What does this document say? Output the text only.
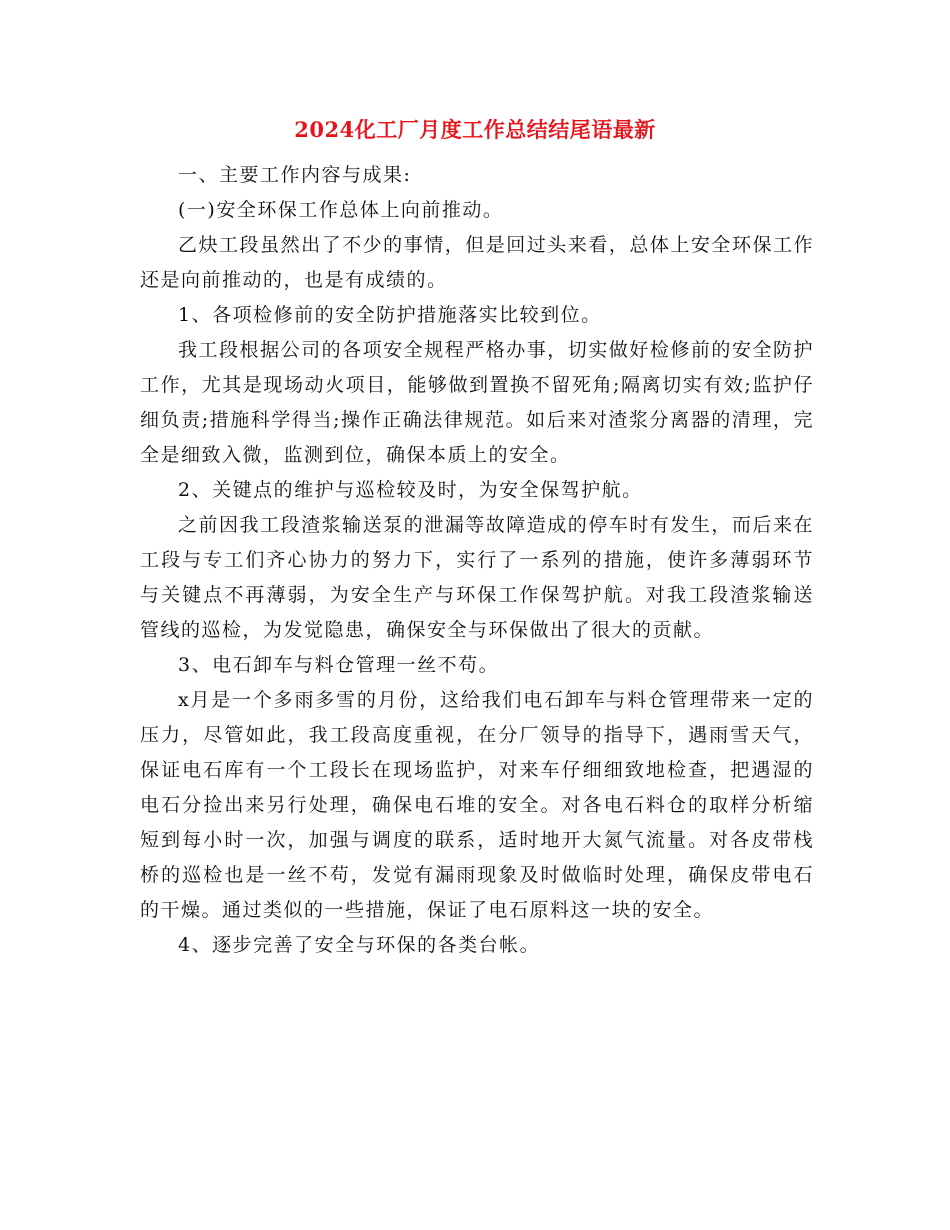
2024化工厂月度工作总结结尾语最新

一、主要工作内容与成果:

(一)安全环保工作总体上向前推动。

乙炔工段虽然出了不少的事情，但是回过头来看，总体上安全环保工作还是向前推动的，也是有成绩的。

1、各项检修前的安全防护措施落实比较到位。

我工段根据公司的各项安全规程严格办事，切实做好检修前的安全防护工作，尤其是现场动火项目，能够做到置换不留死角;隔离切实有效;监护仔细负责;措施科学得当;操作正确法律规范。如后来对渣浆分离器的清理，完全是细致入微，监测到位，确保本质上的安全。

2、关键点的维护与巡检较及时，为安全保驾护航。

之前因我工段渣浆输送泵的泄漏等故障造成的停车时有发生，而后来在工段与专工们齐心协力的努力下，实行了一系列的措施，使许多薄弱环节与关键点不再薄弱，为安全生产与环保工作保驾护航。对我工段渣浆输送管线的巡检，为发觉隐患，确保安全与环保做出了很大的贡献。

3、电石卸车与料仓管理一丝不苟。

x月是一个多雨多雪的月份，这给我们电石卸车与料仓管理带来一定的压力，尽管如此，我工段高度重视，在分厂领导的指导下，遇雨雪天气，保证电石库有一个工段长在现场监护，对来车仔细细致地检查，把遇湿的电石分捡出来另行处理，确保电石堆的安全。对各电石料仓的取样分析缩短到每小时一次，加强与调度的联系，适时地开大氮气流量。对各皮带栈桥的巡检也是一丝不苟，发觉有漏雨现象及时做临时处理，确保皮带电石的干燥。通过类似的一些措施，保证了电石原料这一块的安全。

4、逐步完善了安全与环保的各类台帐。
